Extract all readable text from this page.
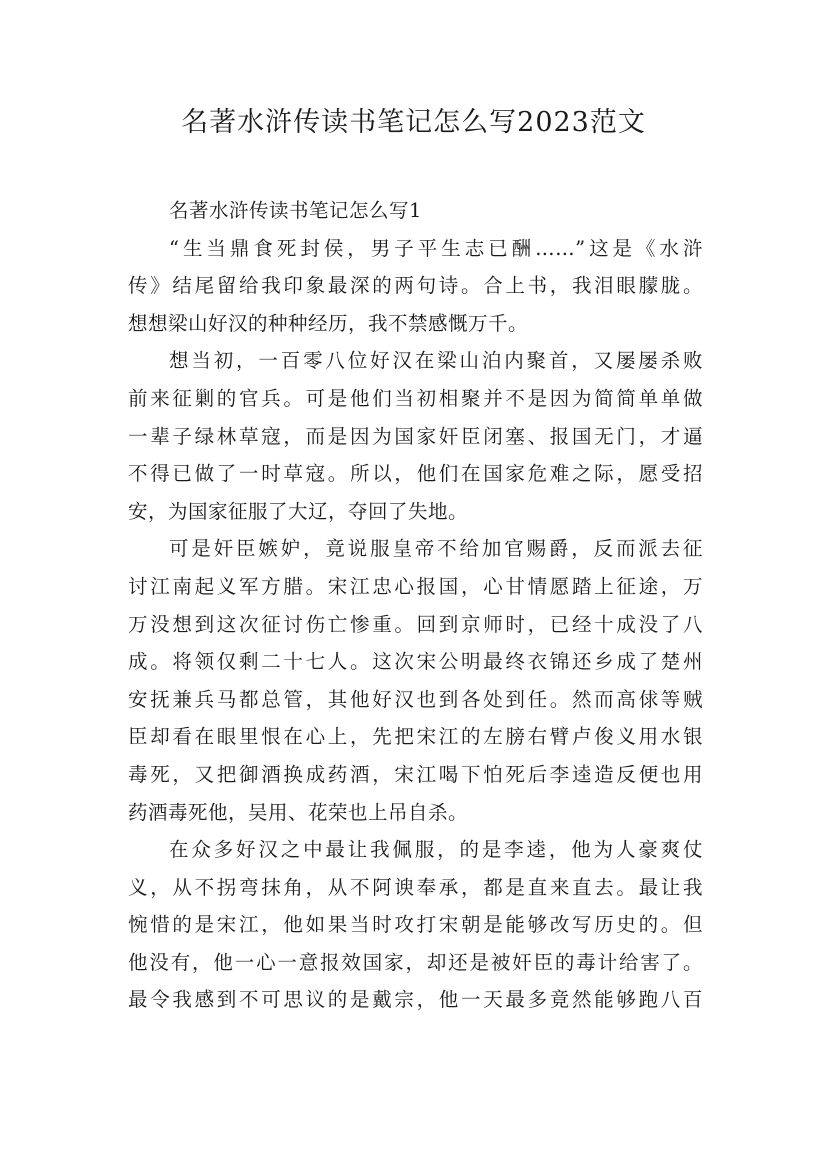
名著水浒传读书笔记怎么写2023范文
名著水浒传读书笔记怎么写1
“生当鼎食死封侯，男子平生志已酬……”这是《水浒
传》结尾留给我印象最深的两句诗。合上书，我泪眼朦胧。
想想梁山好汉的种种经历，我不禁感慨万千。
想当初，一百零八位好汉在梁山泊内聚首，又屡屡杀败
前来征剿的官兵。可是他们当初相聚并不是因为简简单单做
一辈子绿林草寇，而是因为国家奸臣闭塞、报国无门，才逼
不得已做了一时草寇。所以，他们在国家危难之际，愿受招
安，为国家征服了大辽，夺回了失地。
可是奸臣嫉妒，竟说服皇帝不给加官赐爵，反而派去征
讨江南起义军方腊。宋江忠心报国，心甘情愿踏上征途，万
万没想到这次征讨伤亡惨重。回到京师时，已经十成没了八
成。将领仅剩二十七人。这次宋公明最终衣锦还乡成了楚州
安抚兼兵马都总管，其他好汉也到各处到任。然而高俅等贼
臣却看在眼里恨在心上，先把宋江的左膀右臂卢俊义用水银
毒死，又把御酒换成药酒，宋江喝下怕死后李逵造反便也用
药酒毒死他，吴用、花荣也上吊自杀。
在众多好汉之中最让我佩服，的是李逵，他为人豪爽仗
义，从不拐弯抹角，从不阿谀奉承，都是直来直去。最让我
惋惜的是宋江，他如果当时攻打宋朝是能够改写历史的。但
他没有，他一心一意报效国家，却还是被奸臣的毒计给害了。
最令我感到不可思议的是戴宗，他一天最多竟然能够跑八百
